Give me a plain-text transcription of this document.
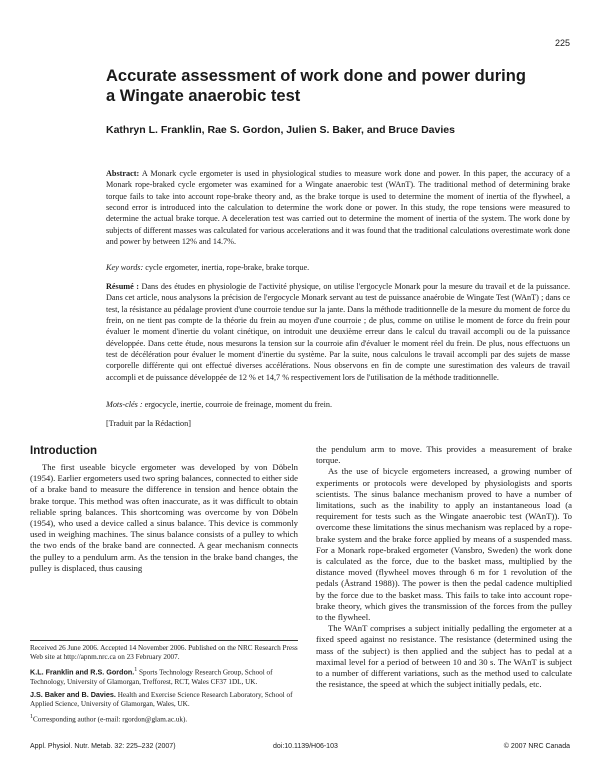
225
Accurate assessment of work done and power during a Wingate anaerobic test
Kathryn L. Franklin, Rae S. Gordon, Julien S. Baker, and Bruce Davies

Abstract: A Monark cycle ergometer is used in physiological studies to measure work done and power. In this paper, the accuracy of a Monark rope-braked cycle ergometer was examined for a Wingate anaerobic test (WAnT). The traditional method of determining brake torque fails to take into account rope-brake theory and, as the brake torque is used to determine the moment of inertia of the flywheel, a second error is introduced into the calculation to determine the work done or power. In this study, the rope tensions were measured to determine the actual brake torque. A deceleration test was carried out to determine the moment of inertia of the system. The work done by subjects of different masses was calculated for various accelerations and it was found that the traditional calculations overestimate work done and power by between 12% and 14.7%.

Key words: cycle ergometer, inertia, rope-brake, brake torque.

Résumé : Dans des études en physiologie de l'activité physique, on utilise l'ergocycle Monark pour la mesure du travail et de la puissance. Dans cet article, nous analysons la précision de l'ergocycle Monark servant au test de puissance anaérobie de Wingate Test (WAnT) ; dans ce test, la résistance au pédalage provient d'une courroie tendue sur la jante. Dans la méthode traditionnelle de la mesure du moment de force du frein, on ne tient pas compte de la théorie du frein au moyen d'une courroie ; de plus, comme on utilise le moment de force du frein pour évaluer le moment d'inertie du volant cinétique, on introduit une deuxième erreur dans le calcul du travail accompli ou de la puissance développée. Dans cette étude, nous mesurons la tension sur la courroie afin d'évaluer le moment réel du frein. De plus, nous effectuons un test de décélération pour évaluer le moment d'inertie du système. Par la suite, nous calculons le travail accompli par des sujets de masse corporelle différente qui ont effectué diverses accélérations. Nous observons en fin de compte une surestimation des valeurs de travail accompli et de puissance développée de 12 % et 14,7 % respectivement lors de l'utilisation de la méthode traditionnelle.

Mots-clés : ergocycle, inertie, courroie de freinage, moment du frein.

[Traduit par la Rédaction]
Introduction

The first useable bicycle ergometer was developed by von Döbeln (1954). Earlier ergometers used two spring balances, connected to either side of a brake band to measure the difference in tension and hence obtain the brake torque. This method was often inaccurate, as it was difficult to obtain reliable spring balances. This shortcoming was overcome by von Döbeln (1954), who used a device called a sinus balance. This device is commonly used in weighing machines. The sinus balance consists of a pulley to which the two ends of the brake band are connected. A gear mechanism connects the pulley to a pendulum arm. As the tension in the brake band changes, the pulley is displaced, thus causing

Received 26 June 2006. Accepted 14 November 2006. Published on the NRC Research Press Web site at http://apnm.nrc.ca on 23 February 2007.

K.L. Franklin and R.S. Gordon.$^1$ Sports Technology Research Group, School of Technology, University of Glamorgan, Trefforest, RCT, Wales CF37 1DL, UK.

J.S. Baker and B. Davies. Health and Exercise Science Research Laboratory, School of Applied Science, University of Glamorgan, Wales, UK.

$^1$Corresponding author (e-mail: rgordon@glam.ac.uk).

the pendulum arm to move. This provides a measurement of brake torque.

As the use of bicycle ergometers increased, a growing number of experiments or protocols were developed by physiologists and sports scientists. The sinus balance mechanism proved to have a number of limitations, such as the inability to apply an instantaneous load (a requirement for tests such as the Wingate anaerobic test (WAnT)). To overcome these limitations the sinus mechanism was replaced by a rope-brake system and the brake force applied by means of a suspended mass. For a Monark rope-braked ergometer (Vansbro, Sweden) the work done is calculated as the force, due to the basket mass, multiplied by the distance moved (flywheel moves through 6 m for 1 revolution of the pedals (Åstrand 1988)). The power is then the pedal cadence multiplied by the force due to the basket mass. This fails to take into account rope-brake theory, which gives the transmission of the forces from the pulley to the flywheel.

The WAnT comprises a subject initially pedalling the ergometer at a fixed speed against no resistance. The resistance (determined using the mass of the subject) is then applied and the subject has to pedal at a maximal level for a period of between 10 and 30 s. The WAnT is subject to a number of different variations, such as the method used to calculate the resistance, the speed at which the subject initially pedals, etc.

Appl. Physiol. Nutr. Metab. 32: 225–232 (2007)	doi:10.1139/H06-103	© 2007 NRC Canada
